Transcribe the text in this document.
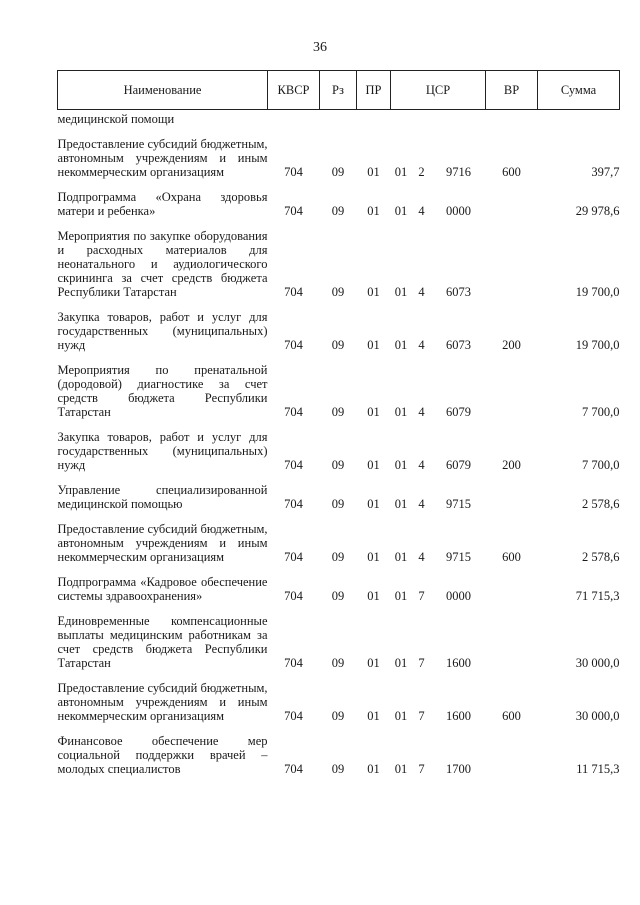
36
Наименование	КВСР	Рз	ПР	ЦСР			ВР	Сумма
медицинской помощи								

Предоставление субсидий бюджетным, автономным учреждениям и иным некоммерческим организациям	704	09	01	01	2	9716	600	397,7

Подпрограмма «Охрана здоровья матери и ребенка»	704	09	01	01	4	0000		29 978,6

Мероприятия по закупке оборудования и расходных материалов для неонатального и аудиологического скрининга за счет средств бюджета Республики Татарстан	704	09	01	01	4	6073		19 700,0

Закупка товаров, работ и услуг для государственных (муниципальных) нужд	704	09	01	01	4	6073	200	19 700,0

Мероприятия по пренатальной (дородовой) диагностике за счет средств бюджета Республики Татарстан	704	09	01	01	4	6079		7 700,0

Закупка товаров, работ и услуг для государственных (муниципальных) нужд	704	09	01	01	4	6079	200	7 700,0

Управление специализированной медицинской помощью	704	09	01	01	4	9715		2 578,6

Предоставление субсидий бюджетным, автономным учреждениям и иным некоммерческим организациям	704	09	01	01	4	9715	600	2 578,6

Подпрограмма «Кадровое обеспечение системы здравоохранения»	704	09	01	01	7	0000		71 715,3

Единовременные компенсационные выплаты медицинским работникам за счет средств бюджета Республики Татарстан	704	09	01	01	7	1600		30 000,0

Предоставление субсидий бюджетным, автономным учреждениям и иным некоммерческим организациям	704	09	01	01	7	1600	600	30 000,0

Финансовое обеспечение мер социальной поддержки врачей – молодых специалистов	704	09	01	01	7	1700		11 715,3
